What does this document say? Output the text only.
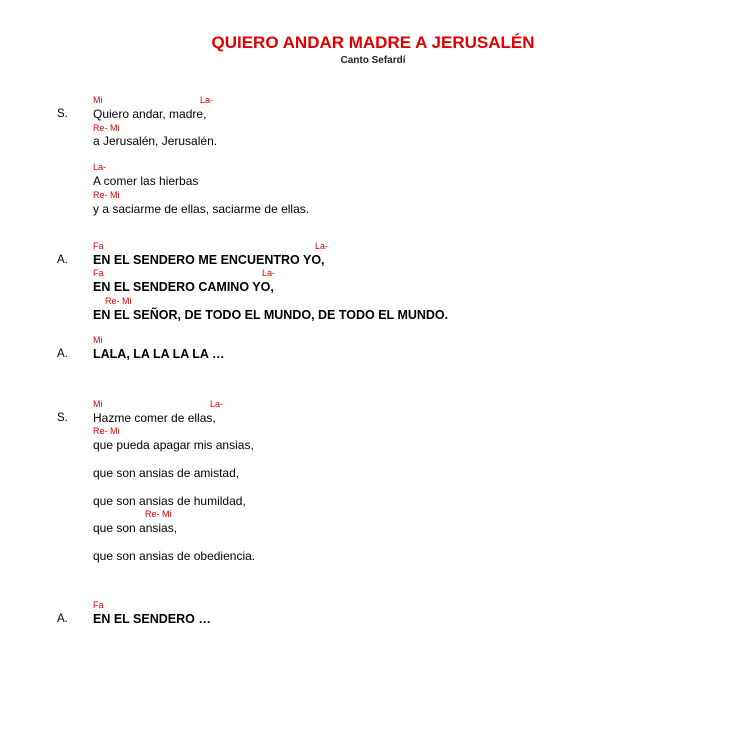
QUIERO ANDAR MADRE A JERUSALÉN
Canto Sefardí
Mi	La-
S. Quiero andar, madre,
Re- Mi
a Jerusalén, Jerusalén.
La-
A comer las hierbas
Re- Mi
y a saciarme de ellas, saciarme de ellas.
Fa	La-
A. EN EL SENDERO ME ENCUENTRO YO,
Fa	La-
EN EL SENDERO CAMINO YO,
Re- Mi
EN EL SEÑOR, DE TODO EL MUNDO, DE TODO EL MUNDO.
Mi
A. LALA, LA LA LA LA …
Mi	La-
S. Hazme comer de ellas,
Re- Mi
que pueda apagar mis ansias,
que son ansias de amistad,
que son ansias de humildad,
Re- Mi
que son ansias,
que son ansias de obediencia.
Fa
A. EN EL SENDERO …
